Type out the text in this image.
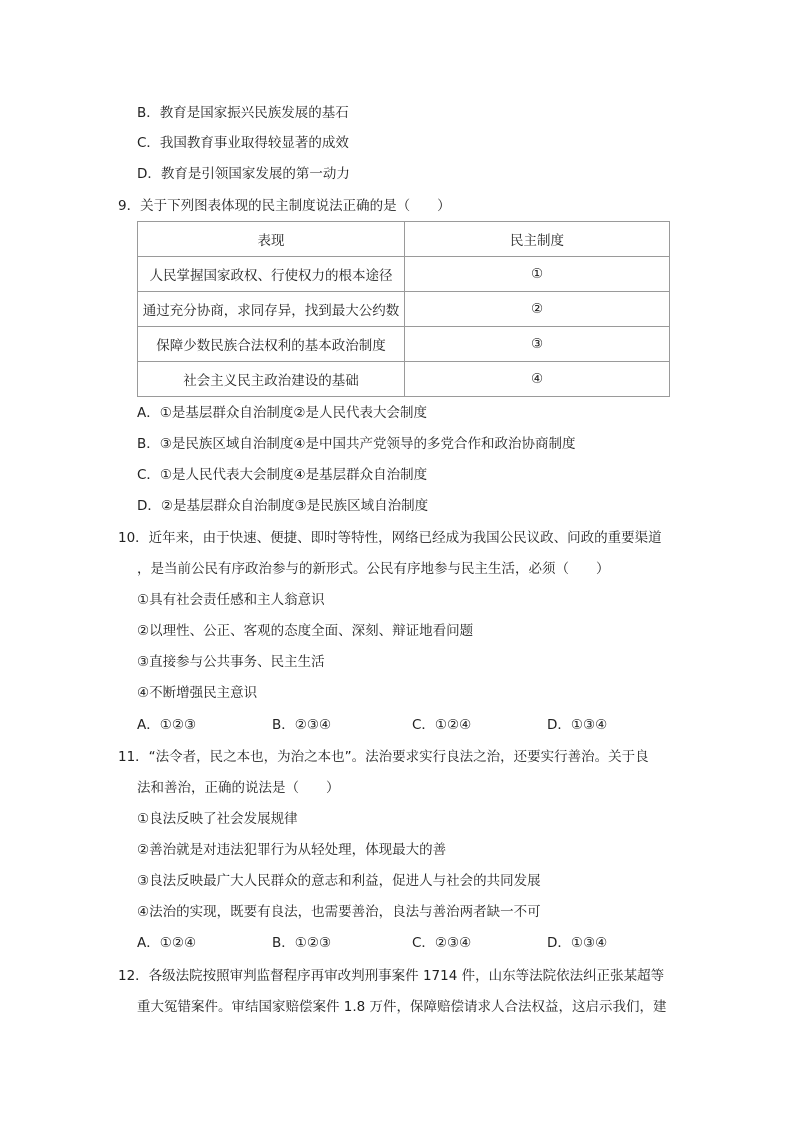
B．教育是国家振兴民族发展的基石
C．我国教育事业取得较显著的成效
D．教育是引领国家发展的第一动力
9．关于下列图表体现的民主制度说法正确的是（　　）
表现	民主制度
人民掌握国家政权、行使权力的根本途径	①
通过充分协商，求同存异，找到最大公约数	②
保障少数民族合法权利的基本政治制度	③
社会主义民主政治建设的基础	④
A．①是基层群众自治制度②是人民代表大会制度
B．③是民族区域自治制度④是中国共产党领导的多党合作和政治协商制度
C．①是人民代表大会制度④是基层群众自治制度
D．②是基层群众自治制度③是民族区域自治制度
10．近年来，由于快速、便捷、即时等特性，网络已经成为我国公民议政、问政的重要渠道
，是当前公民有序政治参与的新形式。公民有序地参与民主生活，必须（　　）
①具有社会责任感和主人翁意识
②以理性、公正、客观的态度全面、深刻、辩证地看问题
③直接参与公共事务、民主生活
④不断增强民主意识
A．①②③	B．②③④	C．①②④	D．①③④
11．“法令者，民之本也，为治之本也”。法治要求实行良法之治，还要实行善治。关于良
法和善治，正确的说法是（　　）
①良法反映了社会发展规律
②善治就是对违法犯罪行为从轻处理，体现最大的善
③良法反映最广大人民群众的意志和利益，促进人与社会的共同发展
④法治的实现，既要有良法，也需要善治，良法与善治两者缺一不可
A．①②④	B．①②③	C．②③④	D．①③④
12．各级法院按照审判监督程序再审改判刑事案件 1714 件，山东等法院依法纠正张某超等
重大冤错案件。审结国家赔偿案件 1.8 万件，保障赔偿请求人合法权益，这启示我们，建
